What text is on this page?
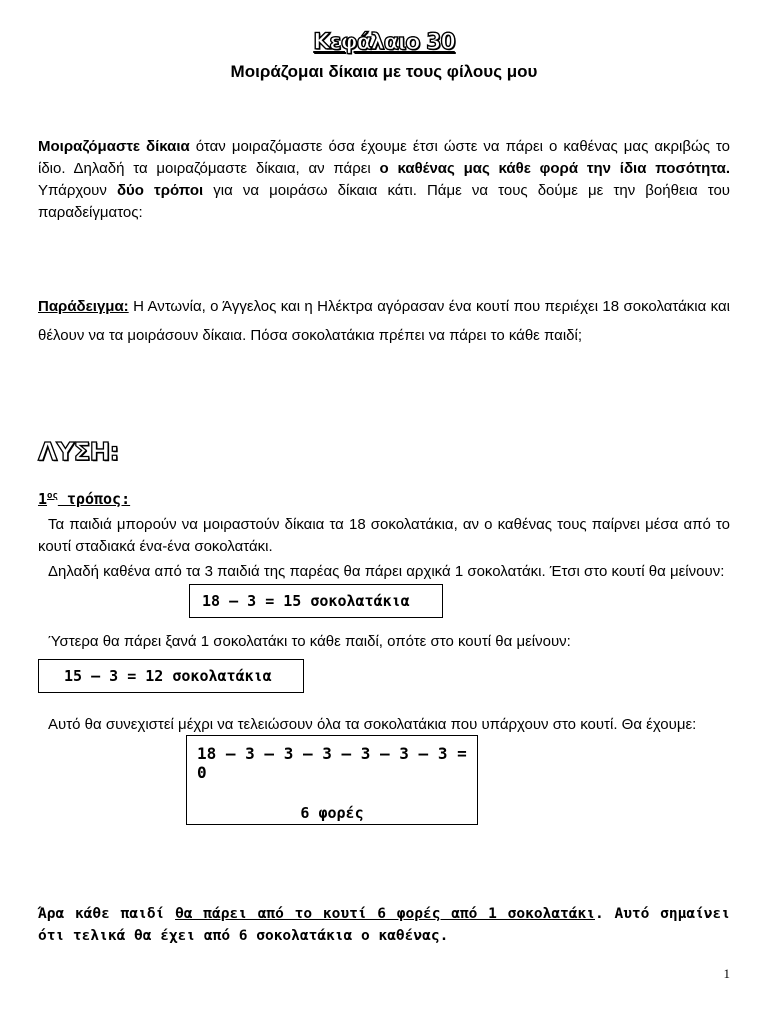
Κεφάλαιο 30
Μοιράζομαι δίκαια με τους φίλους μου
Μοιραζόμαστε δίκαια όταν μοιραζόμαστε όσα έχουμε έτσι ώστε να πάρει ο καθένας μας ακριβώς το ίδιο. Δηλαδή τα μοιραζόμαστε δίκαια, αν πάρει ο καθένας μας κάθε φορά την ίδια ποσότητα. Υπάρχουν δύο τρόποι για να μοιράσω δίκαια κάτι. Πάμε να τους δούμε με την βοήθεια του παραδείγματος:
Παράδειγμα: Η Αντωνία, ο Άγγελος και η Ηλέκτρα αγόρασαν ένα κουτί που περιέχει 18 σοκολατάκια και θέλουν να τα μοιράσουν δίκαια. Πόσα σοκολατάκια πρέπει να πάρει το κάθε παιδί;
ΛΥΣΗ:
$1^{o\varsigma}$ τρόπος:
Τα παιδιά μπορούν να μοιραστούν δίκαια τα 18 σοκολατάκια, αν ο καθένας τους παίρνει μέσα από το κουτί σταδιακά ένα-ένα σοκολατάκι.
Δηλαδή καθένα από τα 3 παιδιά της παρέας θα πάρει αρχικά 1 σοκολατάκι. Έτσι στο κουτί θα μείνουν:
18 – 3 = 15 σοκολατάκια
Ύστερα θα πάρει ξανά 1 σοκολατάκι το κάθε παιδί, οπότε στο κουτί θα μείνουν:
15 – 3 = 12 σοκολατάκια
Αυτό θα συνεχιστεί μέχρι να τελειώσουν όλα τα σοκολατάκια που υπάρχουν στο κουτί. Θα έχουμε:
18 – 3 – 3 – 3 – 3 – 3 – 3 = 0
6 φορές
Άρα κάθε παιδί θα πάρει από το κουτί 6 φορές από 1 σοκολατάκι. Αυτό σημαίνει ότι τελικά θα έχει από 6 σοκολατάκια ο καθένας.
1
